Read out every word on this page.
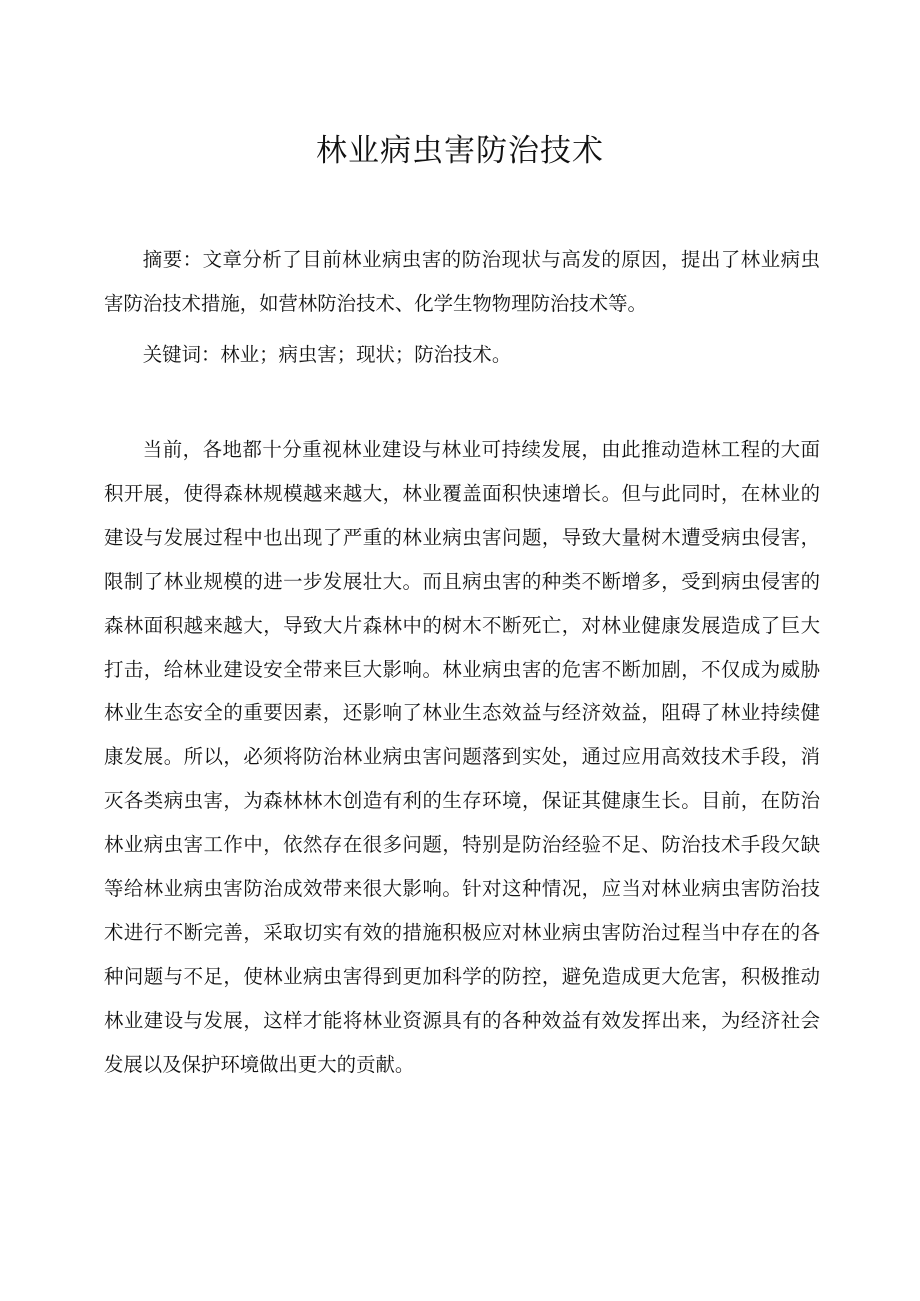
林业病虫害防治技术

摘要：文章分析了目前林业病虫害的防治现状与高发的原因，提出了林业病虫害防治技术措施，如营林防治技术、化学生物物理防治技术等。

关键词：林业；病虫害；现状；防治技术。

当前，各地都十分重视林业建设与林业可持续发展，由此推动造林工程的大面积开展，使得森林规模越来越大，林业覆盖面积快速增长。但与此同时，在林业的建设与发展过程中也出现了严重的林业病虫害问题，导致大量树木遭受病虫侵害，限制了林业规模的进一步发展壮大。而且病虫害的种类不断增多，受到病虫侵害的森林面积越来越大，导致大片森林中的树木不断死亡，对林业健康发展造成了巨大打击，给林业建设安全带来巨大影响。林业病虫害的危害不断加剧，不仅成为威胁林业生态安全的重要因素，还影响了林业生态效益与经济效益，阻碍了林业持续健康发展。所以，必须将防治林业病虫害问题落到实处，通过应用高效技术手段，消灭各类病虫害，为森林林木创造有利的生存环境，保证其健康生长。目前，在防治林业病虫害工作中，依然存在很多问题，特别是防治经验不足、防治技术手段欠缺等给林业病虫害防治成效带来很大影响。针对这种情况，应当对林业病虫害防治技术进行不断完善，采取切实有效的措施积极应对林业病虫害防治过程当中存在的各种问题与不足，使林业病虫害得到更加科学的防控，避免造成更大危害，积极推动林业建设与发展，这样才能将林业资源具有的各种效益有效发挥出来，为经济社会发展以及保护环境做出更大的贡献。
